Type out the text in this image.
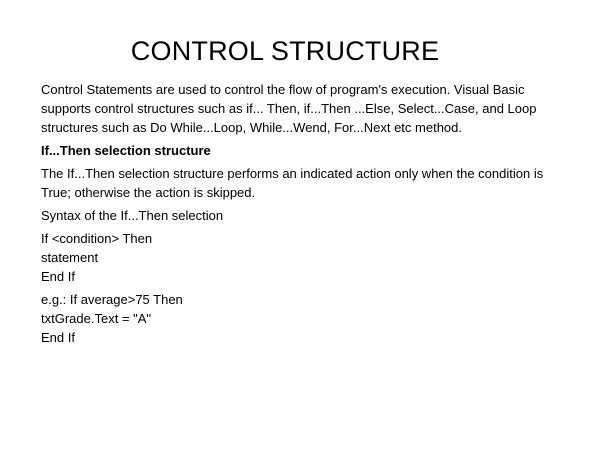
CONTROL STRUCTURE

Control Statements are used to control the flow of program's execution. Visual Basic supports control structures such as if... Then, if...Then ...Else, Select...Case, and Loop structures such as Do While...Loop, While...Wend, For...Next etc method.

If...Then selection structure

The If...Then selection structure performs an indicated action only when the condition is True; otherwise the action is skipped.

Syntax of the If...Then selection

If <condition> Then
statement
End If
e.g.: If average>75 Then
txtGrade.Text = "A"
End If
